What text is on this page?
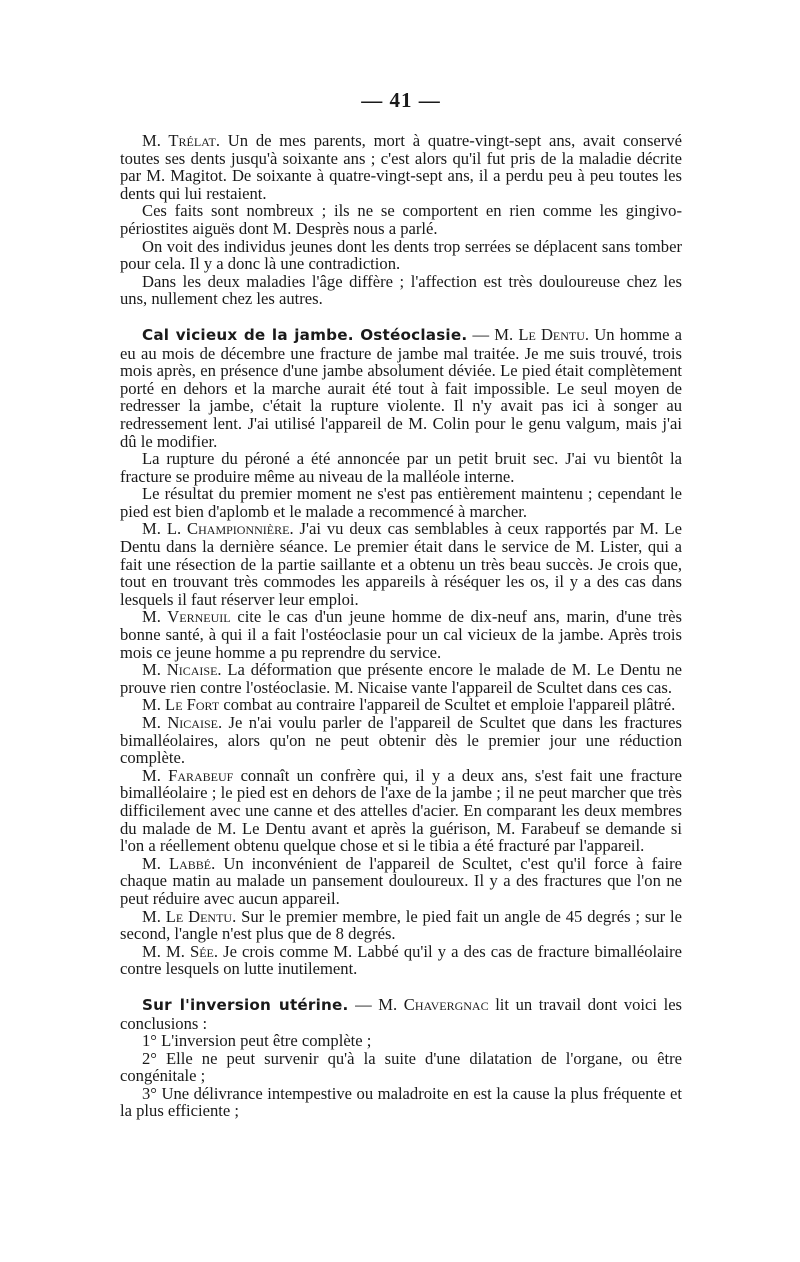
— 41 —

M. Trélat. Un de mes parents, mort à quatre-vingt-sept ans, avait conservé toutes ses dents jusqu'à soixante ans ; c'est alors qu'il fut pris de la maladie décrite par M. Magitot. De soixante à quatre-vingt-sept ans, il a perdu peu à peu toutes les dents qui lui restaient.

Ces faits sont nombreux ; ils ne se comportent en rien comme les gingivo-périostites aiguës dont M. Desprès nous a parlé.

On voit des individus jeunes dont les dents trop serrées se déplacent sans tomber pour cela. Il y a donc là une contradiction.

Dans les deux maladies l'âge diffère ; l'affection est très douloureuse chez les uns, nullement chez les autres.

Cal vicieux de la jambe. Ostéoclasie. — M. Le Dentu. Un homme a eu au mois de décembre une fracture de jambe mal traitée. Je me suis trouvé, trois mois après, en présence d'une jambe absolument déviée. Le pied était complètement porté en dehors et la marche aurait été tout à fait impossible. Le seul moyen de redresser la jambe, c'était la rupture violente. Il n'y avait pas ici à songer au redressement lent. J'ai utilisé l'appareil de M. Colin pour le genu valgum, mais j'ai dû le modifier.

La rupture du péroné a été annoncée par un petit bruit sec. J'ai vu bientôt la fracture se produire même au niveau de la malléole interne.

Le résultat du premier moment ne s'est pas entièrement maintenu ; cependant le pied est bien d'aplomb et le malade a recommencé à marcher.

M. L. Championnière. J'ai vu deux cas semblables à ceux rapportés par M. Le Dentu dans la dernière séance. Le premier était dans le service de M. Lister, qui a fait une résection de la partie saillante et a obtenu un très beau succès. Je crois que, tout en trouvant très commodes les appareils à réséquer les os, il y a des cas dans lesquels il faut réserver leur emploi.

M. Verneuil cite le cas d'un jeune homme de dix-neuf ans, marin, d'une très bonne santé, à qui il a fait l'ostéoclasie pour un cal vicieux de la jambe. Après trois mois ce jeune homme a pu reprendre du service.

M. Nicaise. La déformation que présente encore le malade de M. Le Dentu ne prouve rien contre l'ostéoclasie. M. Nicaise vante l'appareil de Scultet dans ces cas.

M. Le Fort combat au contraire l'appareil de Scultet et emploie l'appareil plâtré.

M. Nicaise. Je n'ai voulu parler de l'appareil de Scultet que dans les fractures bimalléolaires, alors qu'on ne peut obtenir dès le premier jour une réduction complète.

M. Farabeuf connaît un confrère qui, il y a deux ans, s'est fait une fracture bimalléolaire ; le pied est en dehors de l'axe de la jambe ; il ne peut marcher que très difficilement avec une canne et des attelles d'acier. En comparant les deux membres du malade de M. Le Dentu avant et après la guérison, M. Farabeuf se demande si l'on a réellement obtenu quelque chose et si le tibia a été fracturé par l'appareil.

M. Labbé. Un inconvénient de l'appareil de Scultet, c'est qu'il force à faire chaque matin au malade un pansement douloureux. Il y a des fractures que l'on ne peut réduire avec aucun appareil.

M. Le Dentu. Sur le premier membre, le pied fait un angle de 45 degrés ; sur le second, l'angle n'est plus que de 8 degrés.

M. M. Sée. Je crois comme M. Labbé qu'il y a des cas de fracture bimalléolaire contre lesquels on lutte inutilement.

Sur l'inversion utérine. — M. Chavergnac lit un travail dont voici les conclusions :

1° L'inversion peut être complète ;

2° Elle ne peut survenir qu'à la suite d'une dilatation de l'organe, ou être congénitale ;

3° Une délivrance intempestive ou maladroite en est la cause la plus fréquente et la plus efficiente ;
